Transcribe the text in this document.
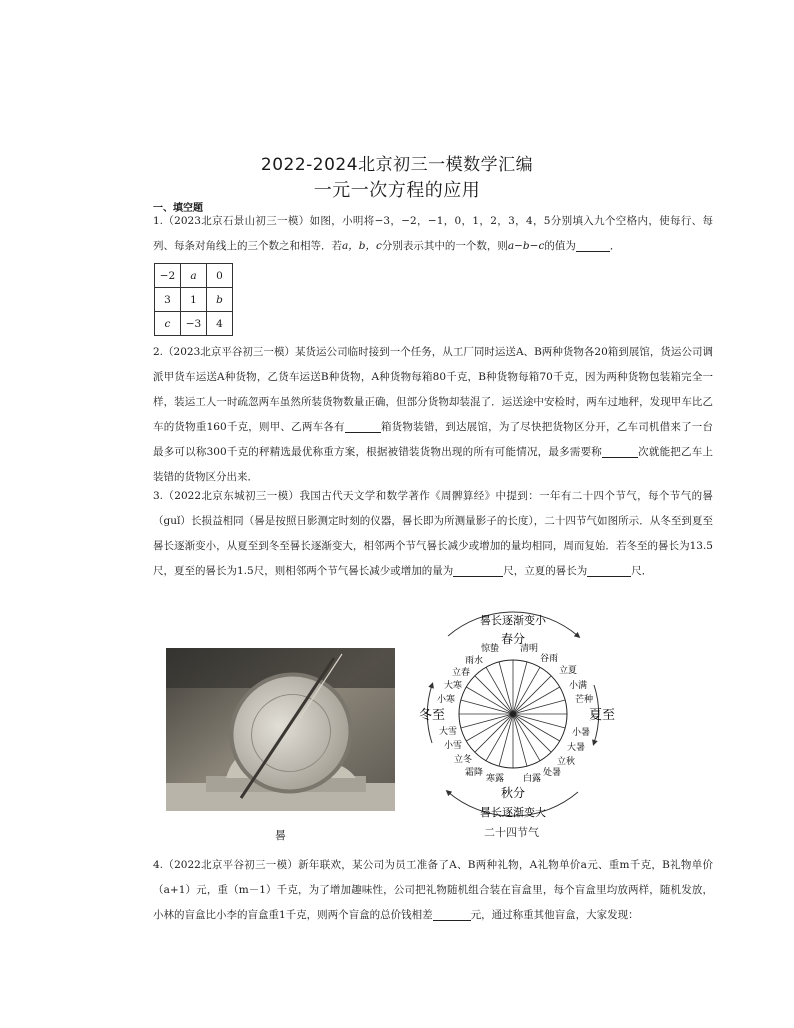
2022-2024北京初三一模数学汇编
一元一次方程的应用
一、填空题
1.（2023北京石景山初三一模）如图，小明将−3，−2，−1，0，1，2，3，4，5分别填入九个空格内，使每行、每列、每条对角线上的三个数之和相等．若a，b，c分别表示其中的一个数，则a−b−c的值为	．
−2	a	0
3	1	b
c	−3	4
2.（2023北京平谷初三一模）某货运公司临时接到一个任务，从工厂同时运送A、B两种货物各20箱到展馆，货运公司调派甲货车运送A种货物，乙货车运送B种货物，A种货物每箱80千克，B种货物每箱70千克，因为两种货物包装箱完全一样，装运工人一时疏忽两车虽然所装货物数量正确，但部分货物却装混了．运送途中安检时，两车过地秤，发现甲车比乙车的货物重160千克，则甲、乙两车各有	箱货物装错，到达展馆，为了尽快把货物区分开，乙车司机借来了一台最多可以称300千克的秤精选最优称重方案，根据被错装货物出现的所有可能情况，最多需要称	次就能把乙车上装错的货物区分出来．
3.（2022北京东城初三一模）我国古代天文学和数学著作《周髀算经》中提到：一年有二十四个节气，每个节气的晷（guǐ）长损益相同（晷是按照日影测定时刻的仪器，晷长即为所测量影子的长度），二十四节气如图所示．从冬至到夏至晷长逐渐变小，从夏至到冬至晷长逐渐变大，相邻两个节气晷长减少或增加的量均相同，周而复始．若冬至的晷长为13.5尺，夏至的晷长为1.5尺，则相邻两个节气晷长减少或增加的量为	尺，立夏的晷长为	尺．
晷
晷长逐渐变小
晷长逐渐变大
春分
秋分
冬至	夏至
清明
谷雨
立夏
小满
芒种
小暑
大暑
立秋
处暑
白露
寒露
霜降
立冬
小雪
大雪
小寒
大寒
立春
雨水
惊蛰
二十四节气
4.（2022北京平谷初三一模）新年联欢，某公司为员工准备了A、B两种礼物，A礼物单价a元、重m千克，B礼物单价（a+1）元，重（m－1）千克，为了增加趣味性，公司把礼物随机组合装在盲盒里，每个盲盒里均放两样，随机发放，小林的盲盒比小李的盲盒重1千克，则两个盲盒的总价钱相差	元，通过称重其他盲盒，大家发现：
